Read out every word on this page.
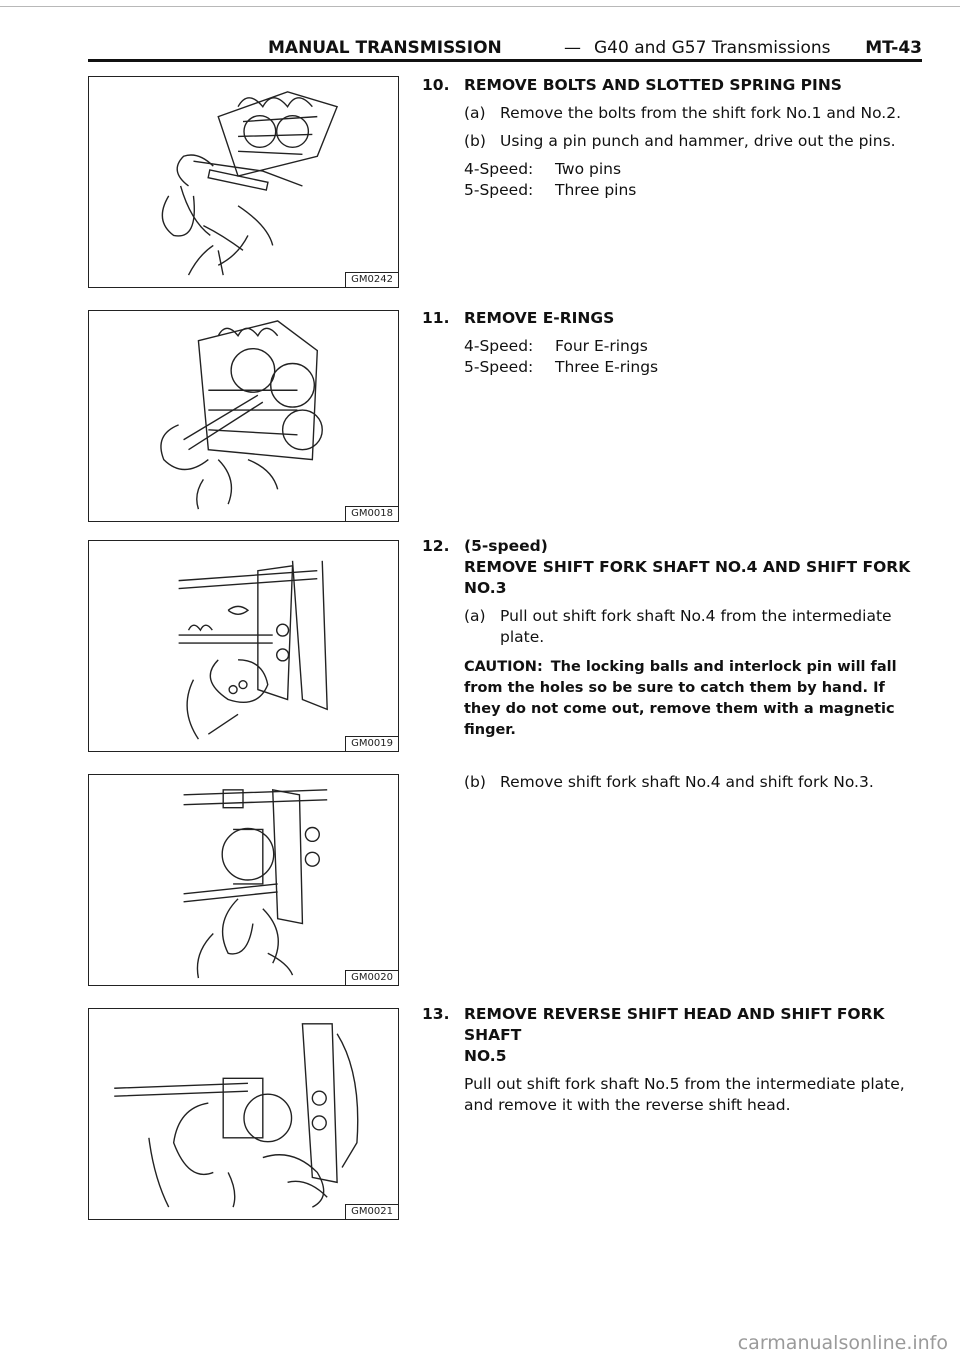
MANUAL TRANSMISSION	— G40 and G57 Transmissions MT-43
GM0242
GM0018
GM0019
GM0020
GM0021
10. REMOVE BOLTS AND SLOTTED SPRING PINS
(a) Remove the bolts from the shift fork No.1 and No.2.
(b) Using a pin punch and hammer, drive out the pins.
4-Speed:	Two pins
5-Speed:	Three pins
11. REMOVE E-RINGS
4-Speed:	Four E-rings
5-Speed:	Three E-rings
12. (5-speed)
REMOVE SHIFT FORK SHAFT NO.4 AND SHIFT FORK
NO.3
(a) Pull out shift fork shaft No.4 from the intermediate plate.
CAUTION: The locking balls and interlock pin will fall from the holes so be sure to catch them by hand. If they do not come out, remove them with a magnetic finger.
(b) Remove shift fork shaft No.4 and shift fork No.3.
13. REMOVE REVERSE SHIFT HEAD AND SHIFT FORK SHAFT
NO.5
Pull out shift fork shaft No.5 from the intermediate plate, and remove it with the reverse shift head.
carmanualsonline.info
